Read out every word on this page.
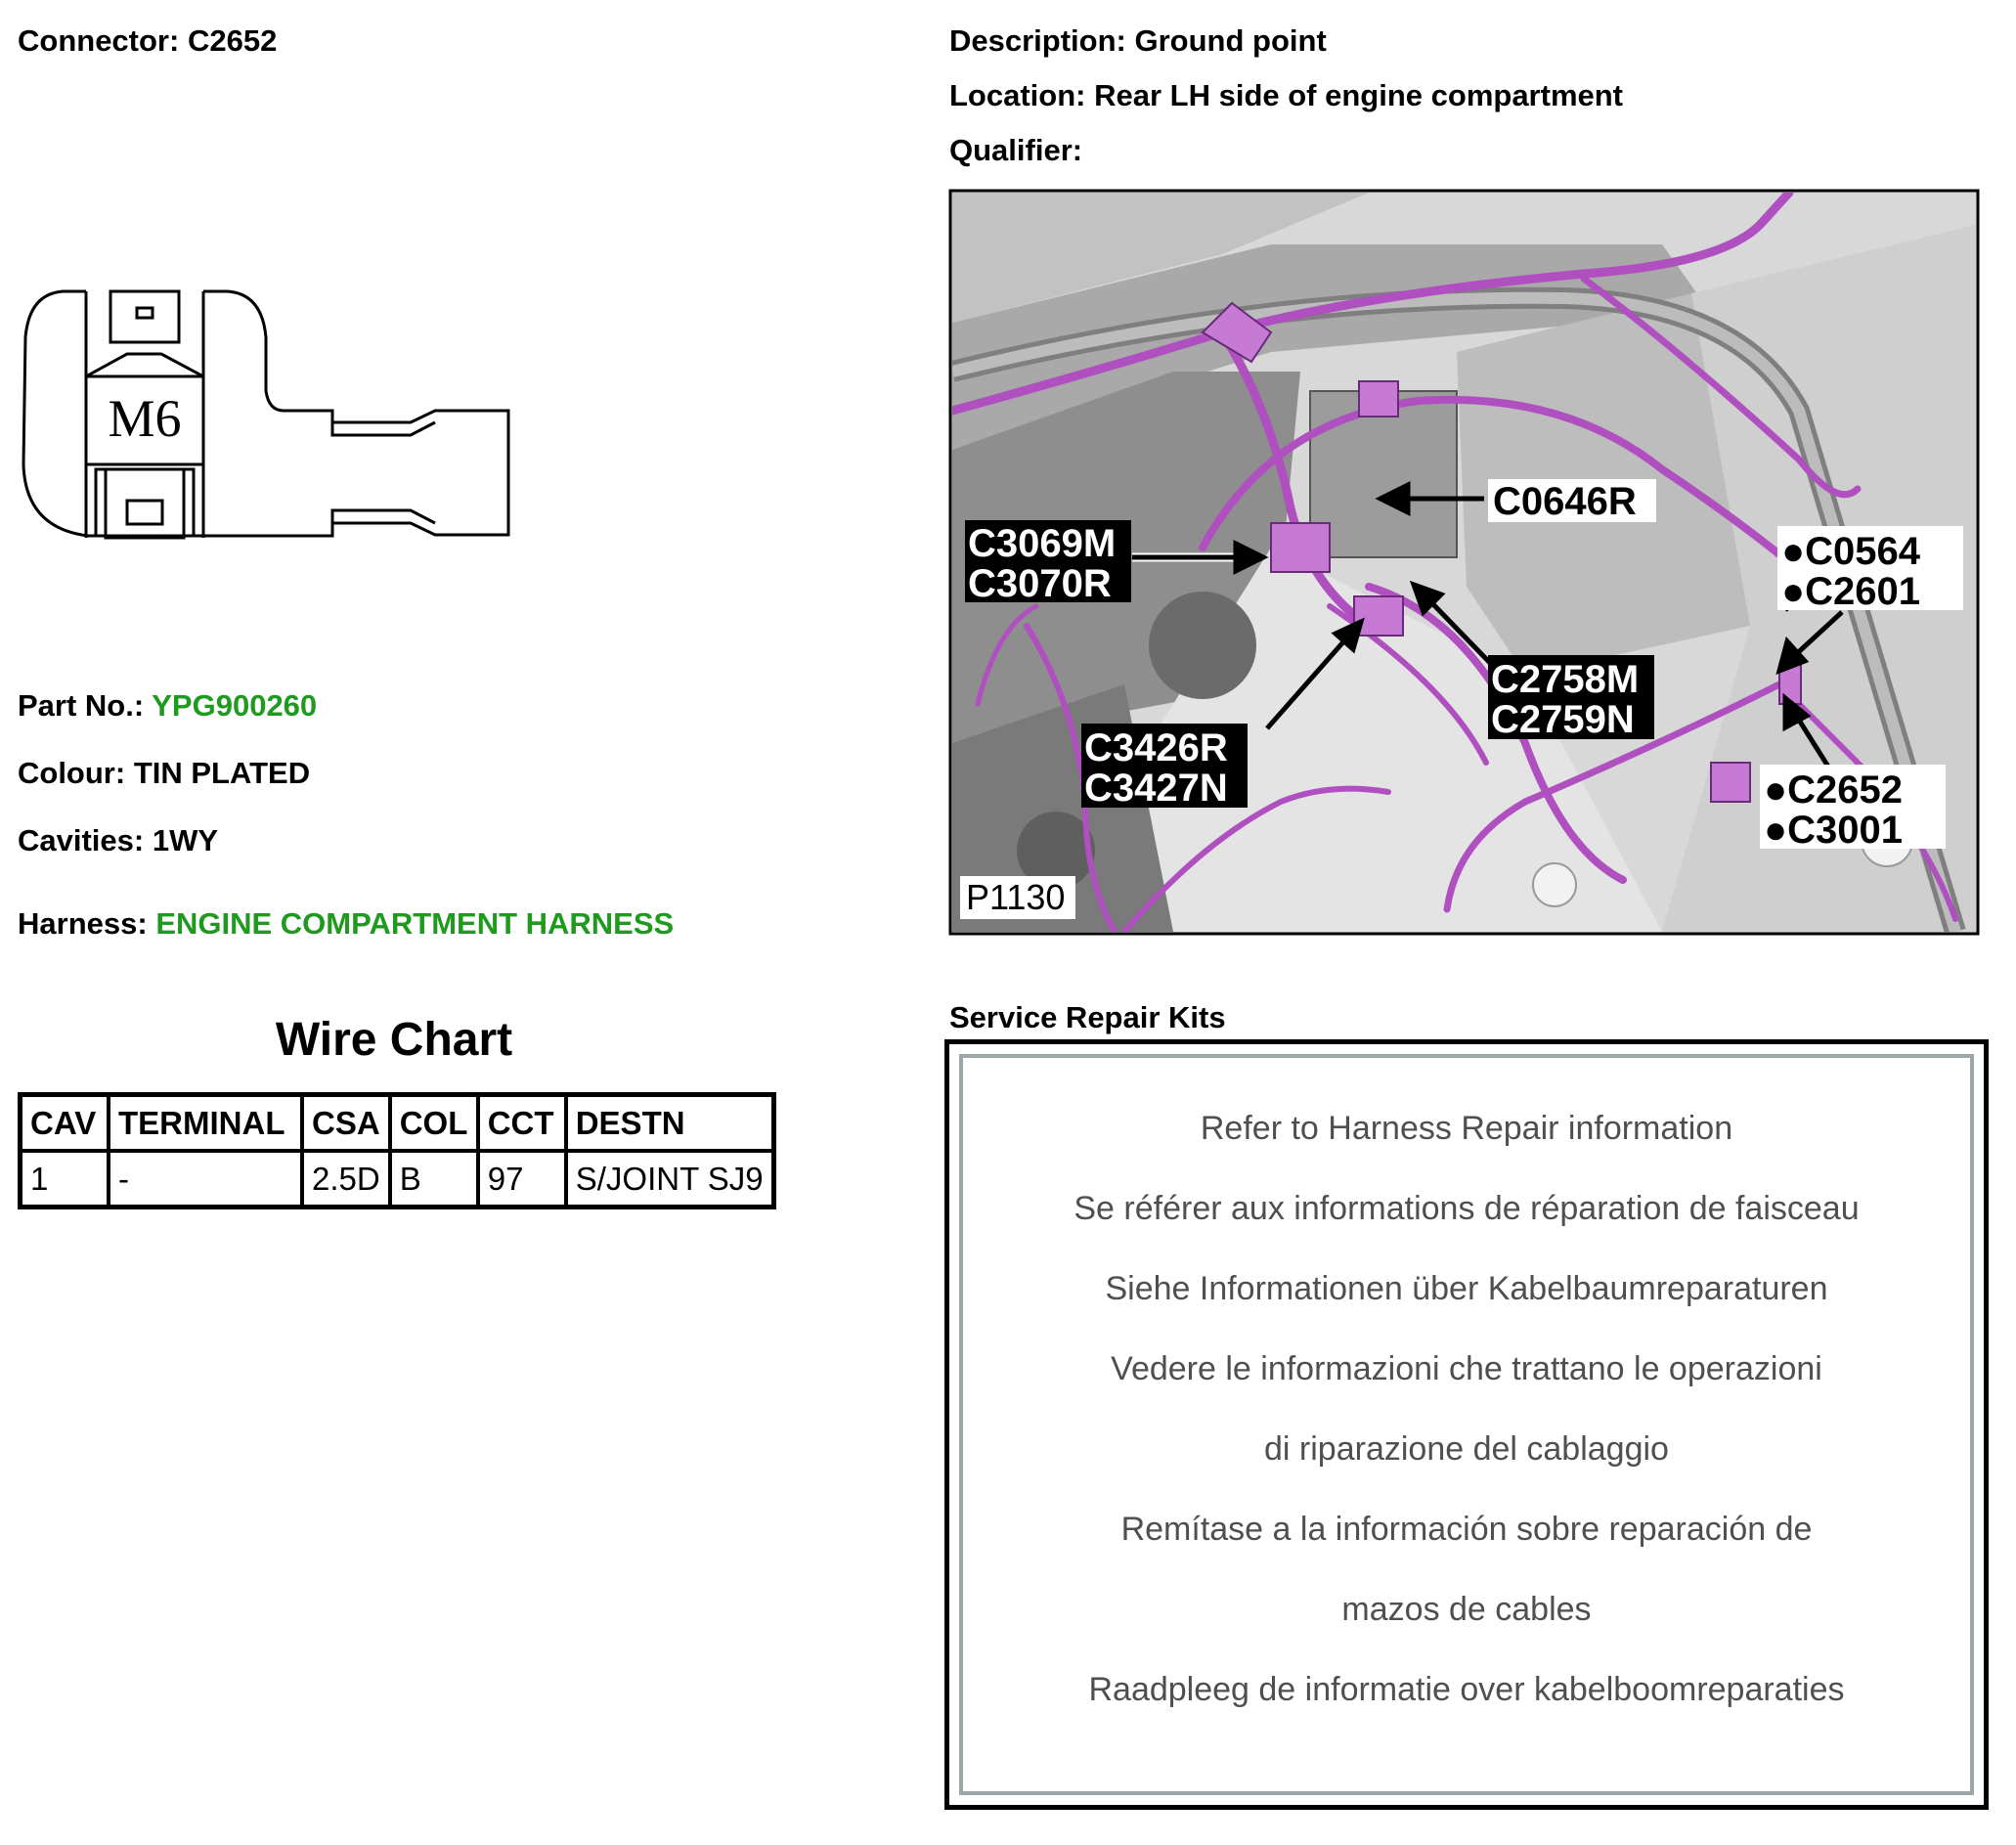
Connector: C2652	Description: Ground point
Location: Rear LH side of engine compartment
Qualifier:
M6
C0646R
C3069M
C3070R
●C0564
●C2601
C2758M
C2759N
C3426R
C3427N	●C2652
●C3001
P1130
Part No.: YPG900260
Colour: TIN PLATED
Cavities: 1WY
Harness: ENGINE COMPARTMENT HARNESS
Wire Chart
CAV	TERMINAL	CSA	COL	CCT	DESTN
1	-	2.5D	B	97	S/JOINT SJ9
Service Repair Kits
Refer to Harness Repair information
Se référer aux informations de réparation de faisceau
Siehe Informationen über Kabelbaumreparaturen
Vedere le informazioni che trattano le operazioni
di riparazione del cablaggio
Remítase a la información sobre reparación de
mazos de cables
Raadpleeg de informatie over kabelboomreparaties
